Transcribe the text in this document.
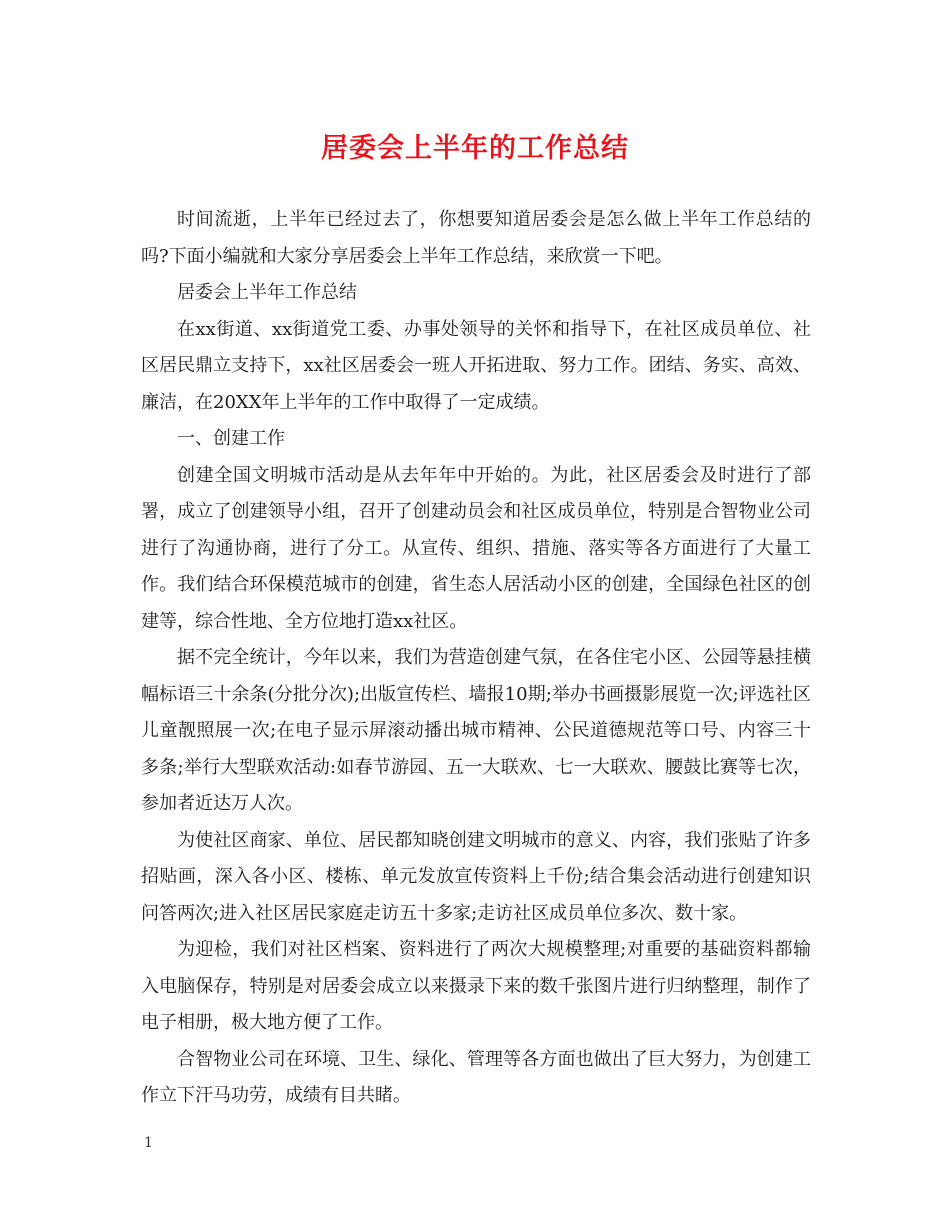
居委会上半年的工作总结

时间流逝，上半年已经过去了，你想要知道居委会是怎么做上半年工作总结的吗?下面小编就和大家分享居委会上半年工作总结，来欣赏一下吧。

居委会上半年工作总结

在xx街道、xx街道党工委、办事处领导的关怀和指导下，在社区成员单位、社区居民鼎立支持下，xx社区居委会一班人开拓进取、努力工作。团结、务实、高效、廉洁，在20XX年上半年的工作中取得了一定成绩。

一、创建工作

创建全国文明城市活动是从去年年中开始的。为此，社区居委会及时进行了部署，成立了创建领导小组，召开了创建动员会和社区成员单位，特别是合智物业公司进行了沟通协商，进行了分工。从宣传、组织、措施、落实等各方面进行了大量工作。我们结合环保模范城市的创建，省生态人居活动小区的创建，全国绿色社区的创建等，综合性地、全方位地打造xx社区。

据不完全统计，今年以来，我们为营造创建气氛，在各住宅小区、公园等悬挂横幅标语三十余条(分批分次);出版宣传栏、墙报10期;举办书画摄影展览一次;评选社区儿童靓照展一次;在电子显示屏滚动播出城市精神、公民道德规范等口号、内容三十多条;举行大型联欢活动:如春节游园、五一大联欢、七一大联欢、腰鼓比赛等七次，参加者近达万人次。

为使社区商家、单位、居民都知晓创建文明城市的意义、内容，我们张贴了许多招贴画，深入各小区、楼栋、单元发放宣传资料上千份;结合集会活动进行创建知识问答两次;进入社区居民家庭走访五十多家;走访社区成员单位多次、数十家。

为迎检，我们对社区档案、资料进行了两次大规模整理;对重要的基础资料都输入电脑保存，特别是对居委会成立以来摄录下来的数千张图片进行归纳整理，制作了电子相册，极大地方便了工作。

合智物业公司在环境、卫生、绿化、管理等各方面也做出了巨大努力，为创建工作立下汗马功劳，成绩有目共睹。

1
